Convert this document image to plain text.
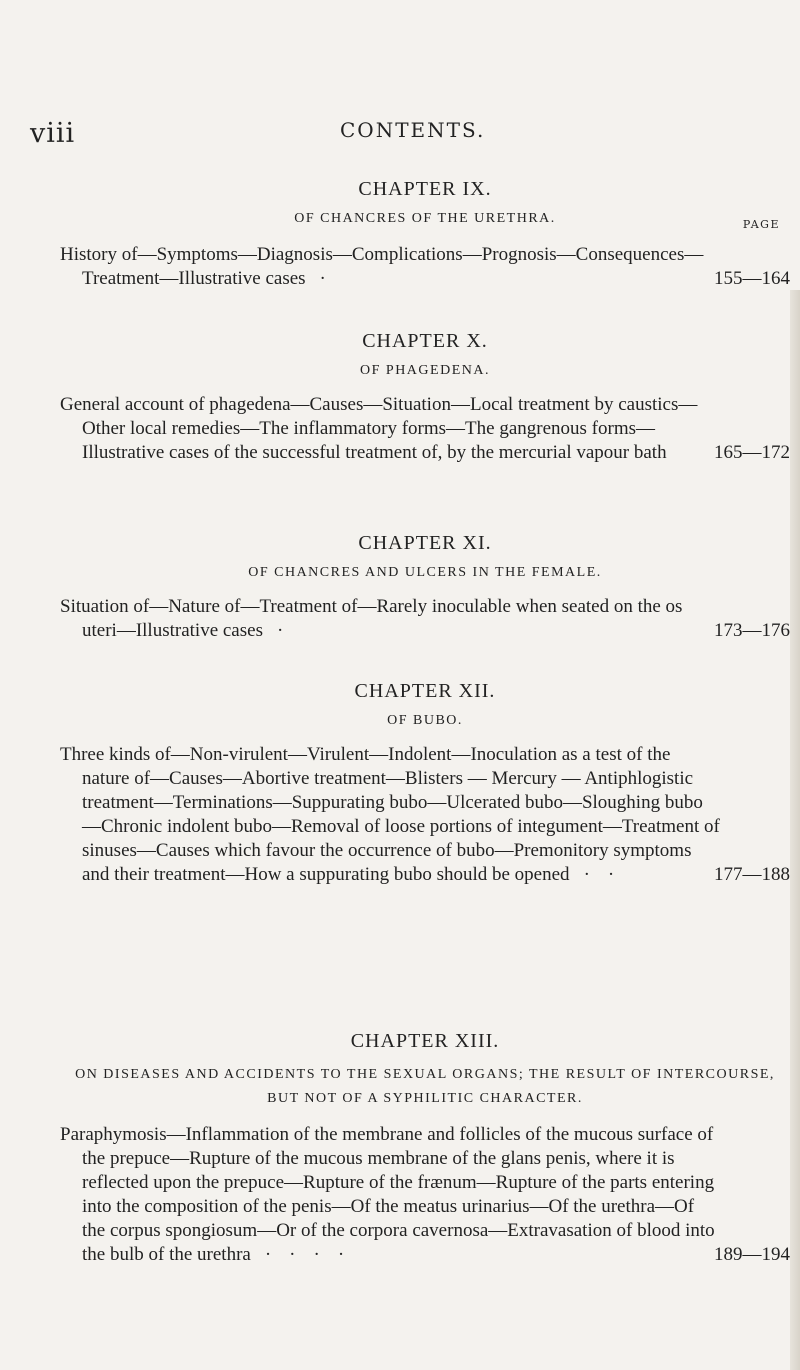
viii	CONTENTS.
CHAPTER IX.
OF CHANCRES OF THE URETHRA.	PAGE
History of—Symptoms—Diagnosis—Complications—Prognosis—Consequences—Treatment—Illustrative cases ·	155—164
CHAPTER X.
OF PHAGEDENA.
General account of phagedena—Causes—Situation—Local treatment by caustics—Other local remedies—The inflammatory forms—The gangrenous forms—Illustrative cases of the successful treatment of, by the mercurial vapour bath 165—172
CHAPTER XI.
OF CHANCRES AND ULCERS IN THE FEMALE.
Situation of—Nature of—Treatment of—Rarely inoculable when seated on the os uteri—Illustrative cases ·	173—176
CHAPTER XII.
OF BUBO.
Three kinds of—Non-virulent—Virulent—Indolent—Inoculation as a test of the nature of—Causes—Abortive treatment—Blisters — Mercury — Antiphlogistic treatment—Terminations—Suppurating bubo—Ulcerated bubo—Sloughing bubo—Chronic indolent bubo—Removal of loose portions of integument—Treatment of sinuses—Causes which favour the occurrence of bubo—Premonitory symptoms and their treatment—How a suppurating bubo should be opened ··	177—188
CHAPTER XIII.
ON DISEASES AND ACCIDENTS TO THE SEXUAL ORGANS; THE RESULT OF INTERCOURSE, BUT NOT OF A SYPHILITIC CHARACTER.
Paraphymosis—Inflammation of the membrane and follicles of the mucous surface of the prepuce—Rupture of the mucous membrane of the glans penis, where it is reflected upon the prepuce—Rupture of the frænum—Rupture of the parts entering into the composition of the penis—Of the meatus urinarius—Of the urethra—Of the corpus spongiosum—Or of the corpora cavernosa—Extravasation of blood into the bulb of the urethra ····	189—194
